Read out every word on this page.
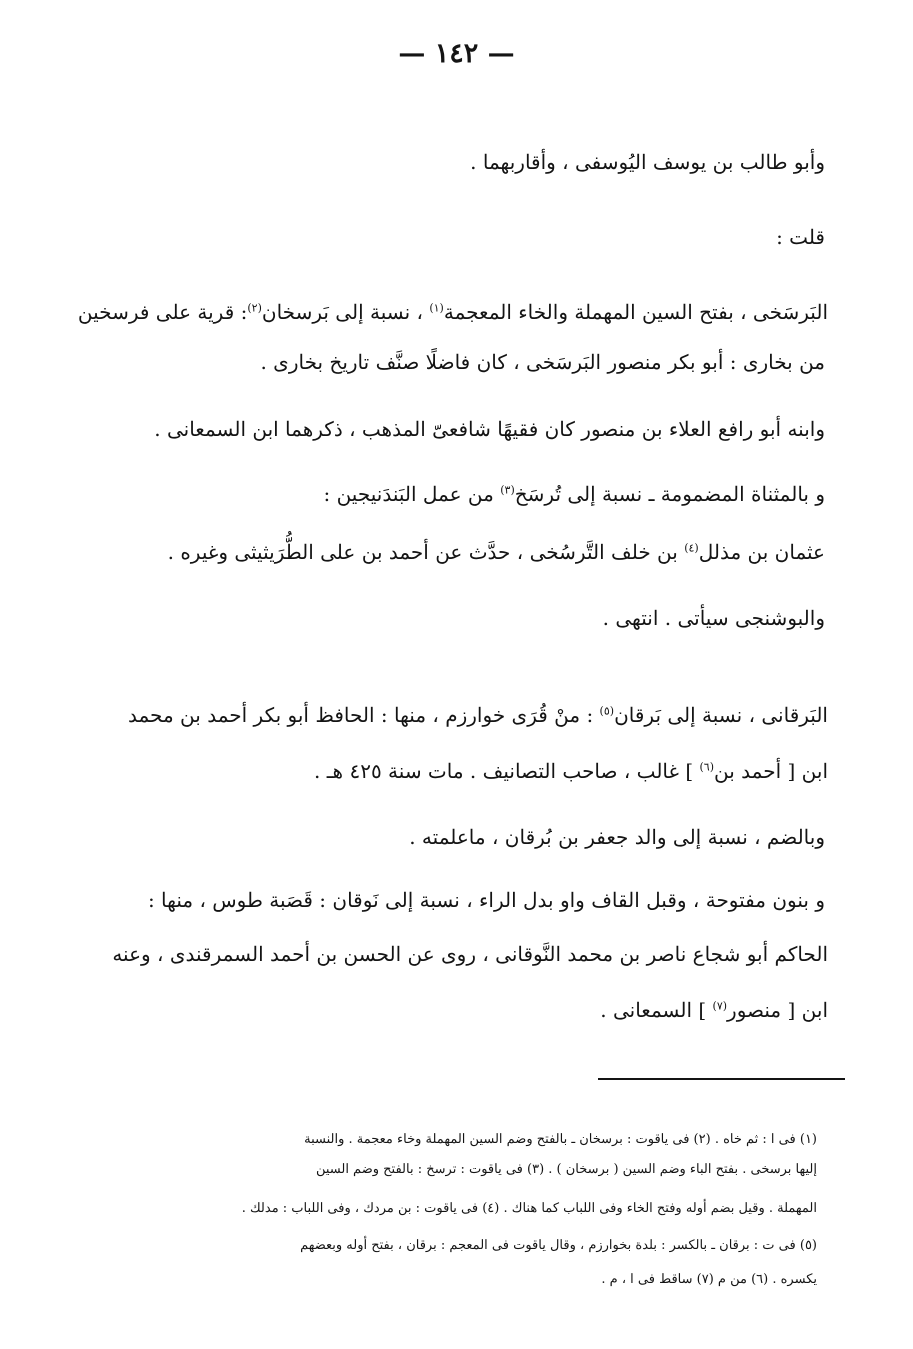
— ١٤٢ —
وأبو طالب بن يوسف اليُوسفى ، وأقاربهما .
قلت :
البَرسَخى ، بفتح السين المهملة والخاء المعجمة$^{(١)}$ ، نسبة إلى بَرسخان$^{(٢)}$: قرية على فرسخين
من بخارى : أبو بكر منصور البَرسَخى ، كان فاضلًا صنَّف تاريخ بخارى .
وابنه أبو رافع العلاء بن منصور كان فقيهًا شافعىّ المذهب ، ذكرهما ابن السمعانى .
و بالمثناة المضمومة ـ نسبة إلى تُرسَخ$^{(٣)}$ من عمل البَندَنيجين :
عثمان بن مذلل$^{(٤)}$ بن خلف التَّرسُخى ، حدَّث عن أحمد بن على الطُّرَيثيثى وغيره .
والبوشنجى سيأتى . انتهى .
البَرقانى ، نسبة إلى بَرقان$^{(٥)}$ : منْ قُرَى خوارزم ، منها : الحافظ أبو بكر أحمد بن محمد
ابن [ أحمد بن$^{(٦)}$ ] غالب ، صاحب التصانيف . مات سنة ٤٢٥ هـ .
وبالضم ، نسبة إلى والد جعفر بن بُرقان ، ماعلمته .
و بنون مفتوحة ، وقبل القاف واو بدل الراء ، نسبة إلى نَوقان : قَصَبة طوس ، منها :
الحاكم أبو شجاع ناصر بن محمد النَّوقانى ، روى عن الحسن بن أحمد السمرقندى ، وعنه
ابن [ منصور$^{(٧)}$ ] السمعانى .
(١) فى ا : ثم خاه . (٢) فى ياقوت : برسخان ـ بالفتح وضم السين المهملة وخاء معجمة . والنسبة
إليها برسخى . بفتح الباء وضم السين ( برسخان ) . (٣) فى ياقوت : ترسخ : بالفتح وضم السين
المهملة . وقيل بضم أوله وفتح الخاء وفى اللباب كما هناك . (٤) فى ياقوت : بن مردك ، وفى اللباب : مدلك .
(٥) فى ت : برقان ـ بالكسر : بلدة بخوارزم ، وقال ياقوت فى المعجم : برقان ، بفتح أوله وبعضهم
يكسره . (٦) من م (٧) ساقط فى ا ، م .
